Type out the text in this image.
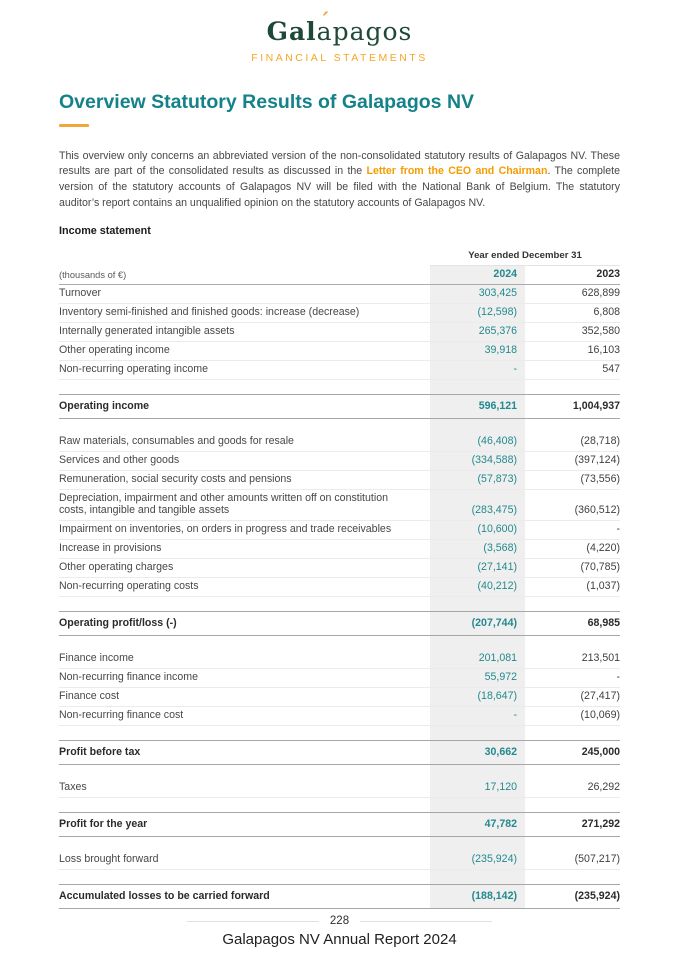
Gala ´pagos
FINANCIAL STATEMENTS
Overview Statutory Results of Galapagos NV

This overview only concerns an abbreviated version of the non-consolidated statutory results of Galapagos NV. These results are part of the consolidated results as discussed in the Letter from the CEO and Chairman. The complete version of the statutory accounts of Galapagos NV will be filed with the National Bank of Belgium. The statutory auditor’s report contains an unqualified opinion on the statutory accounts of Galapagos NV.

Income statement
Year ended December 31
(thousands of €)	2024	2023
Turnover	303,425	628,899
Inventory semi-finished and finished goods: increase (decrease)	(12,598)	6,808
Internally generated intangible assets	265,376	352,580
Other operating income	39,918	16,103
Non-recurring operating income	-	547
Operating income	596,121	1,004,937
Raw materials, consumables and goods for resale	(46,408)	(28,718)
Services and other goods	(334,588)	(397,124)
Remuneration, social security costs and pensions	(57,873)	(73,556)
Depreciation, impairment and other amounts written off on constitution costs, intangible and tangible assets	(283,475)	(360,512)
Impairment on inventories, on orders in progress and trade receivables	(10,600)	-
Increase in provisions	(3,568)	(4,220)
Other operating charges	(27,141)	(70,785)
Non-recurring operating costs	(40,212)	(1,037)
Operating profit/loss (-)	(207,744)	68,985
Finance income	201,081	213,501
Non-recurring finance income	55,972	-
Finance cost	(18,647)	(27,417)
Non-recurring finance cost	-	(10,069)
Profit before tax	30,662	245,000
Taxes	17,120	26,292
Profit for the year	47,782	271,292
Loss brought forward	(235,924)	(507,217)
Accumulated losses to be carried forward	(188,142)	(235,924)
228
Galapagos NV Annual Report 2024
